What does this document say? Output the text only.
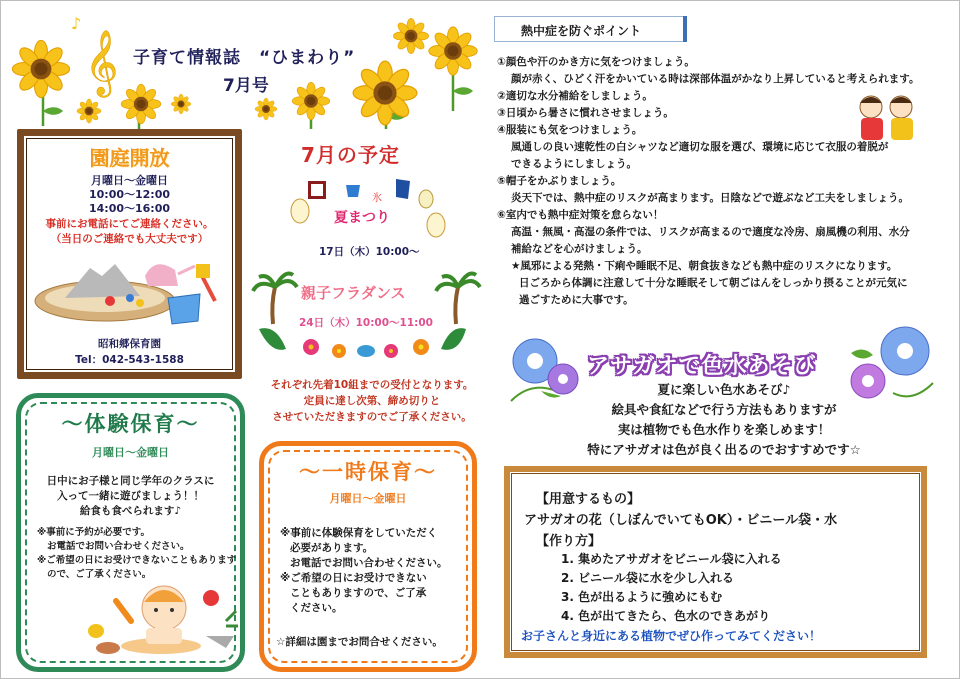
𝄞
♪
子育て情報誌　“ひまわり”
7月号
園庭開放
月曜日～金曜日
10:00～12:00
14:00～16:00
事前にお電話にてご連絡ください。
（当日のご連絡でも大丈夫です）
昭和郷保育園
Tel：042-543-1588
～体験保育～
月曜日～金曜日
日中にお子様と同じ学年のクラスに
入って一緒に遊びましょう！！
給食も食べられます♪
※事前に予約が必要です。
お電話でお問い合わせください。
※ご希望の日にお受けできないこともあります
ので、ご了承ください。
7月の予定
氷
夏まつり
17日（木）10:00～
親子フラダンス
24日（木）10:00～11:00
それぞれ先着10組までの受付となります。
定員に達し次第、締め切りと
させていただきますのでご了承ください。
～一時保育～
月曜日～金曜日
※事前に体験保育をしていただく
必要があります。
お電話でお問い合わせください。
※ご希望の日にお受けできない
こともありますので、ご了承
ください。
☆詳細は園までお問合せください。
熱中症を防ぐポイント
①顔色や汗のかき方に気をつけましょう。
顔が赤く、ひどく汗をかいている時は深部体温がかなり上昇していると考えられます。
②適切な水分補給をしましょう。
③日頃から暑さに慣れさせましょう。
④服装にも気をつけましょう。
風通しの良い速乾性の白シャツなど適切な服を選び、環境に応じて衣服の着脱が
できるようにしましょう。
⑤帽子をかぶりましょう。
炎天下では、熱中症のリスクが高まります。日陰などで遊ぶなど工夫をしましょう。
⑥室内でも熱中症対策を怠らない！
高温・無風・高湿の条件では、リスクが高まるので適度な冷房、扇風機の利用、水分
補給などを心がけましょう。
★風邪による発熱・下痢や睡眠不足、朝食抜きなども熱中症のリスクになります。
日ごろから体調に注意して十分な睡眠そして朝ごはんをしっかり摂ることが元気に
過ごすために大事です。
アサガオで色水あそび
夏に楽しい色水あそび♪
絵具や食紅などで行う方法もありますが
実は植物でも色水作りを楽しめます！
特にアサガオは色が良く出るのでおすすめです☆
【用意するもの】
アサガオの花（しぼんでいてもOK）・ビニール袋・水
【作り方】
1. 集めたアサガオをビニール袋に入れる
2. ビニール袋に水を少し入れる
3. 色が出るように強めにもむ
4. 色が出てきたら、色水のできあがり
お子さんと身近にある植物でぜひ作ってみてください！
